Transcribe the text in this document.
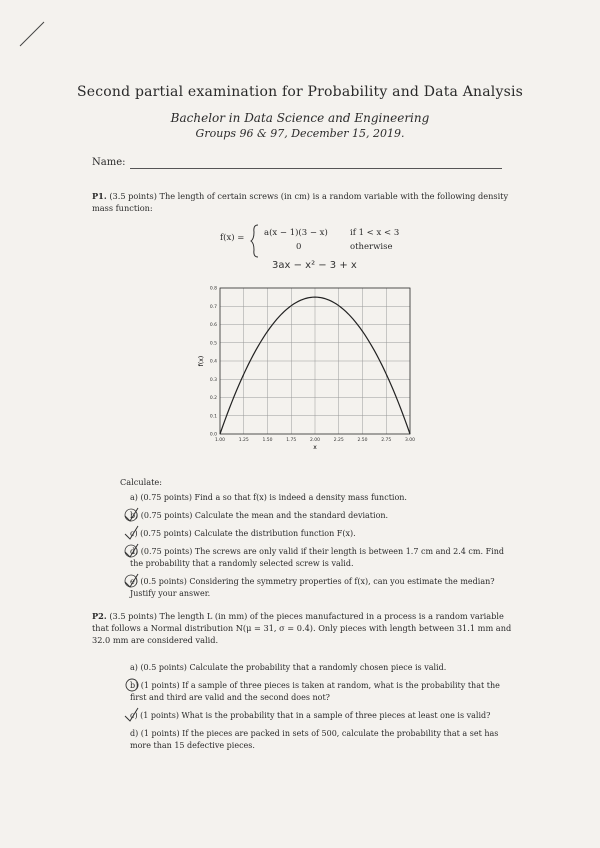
Second partial examination for Probability and Data Analysis
Bachelor in Data Science and Engineering
Groups 96 & 97, December 15, 2019.
Name:
P1. (3.5 points) The length of certain screws (in cm) is a random variable with the following density mass function:
f(x) = a(x − 1)(3 − x)	if 1 < x < 3
0	otherwise
3ax − x² − 3 + x
1.00	1.25	1.50	1.75	2.00	2.25	2.50	2.75	3.00
0.0
0.1
0.2
0.3
0.4
0.5
0.6
0.7
0.8
x
f(x)
Calculate:
a) (0.75 points) Find a so that f(x) is indeed a density mass function.
b) (0.75 points) Calculate the mean and the standard deviation.
c) (0.75 points) Calculate the distribution function F(x).
d) (0.75 points) The screws are only valid if their length is between 1.7 cm and 2.4 cm. Find the probability that a randomly selected screw is valid.
e) (0.5 points) Considering the symmetry properties of f(x), can you estimate the median? Justify your answer.
P2. (3.5 points) The length L (in mm) of the pieces manufactured in a process is a random variable that follows a Normal distribution N(μ = 31, σ = 0.4). Only pieces with length between 31.1 mm and 32.0 mm are considered valid.
a) (0.5 points) Calculate the probability that a randomly chosen piece is valid.
b) (1 points) If a sample of three pieces is taken at random, what is the probability that the first and third are valid and the second does not?
c) (1 points) What is the probability that in a sample of three pieces at least one is valid?
d) (1 points) If the pieces are packed in sets of 500, calculate the probability that a set has more than 15 defective pieces.
